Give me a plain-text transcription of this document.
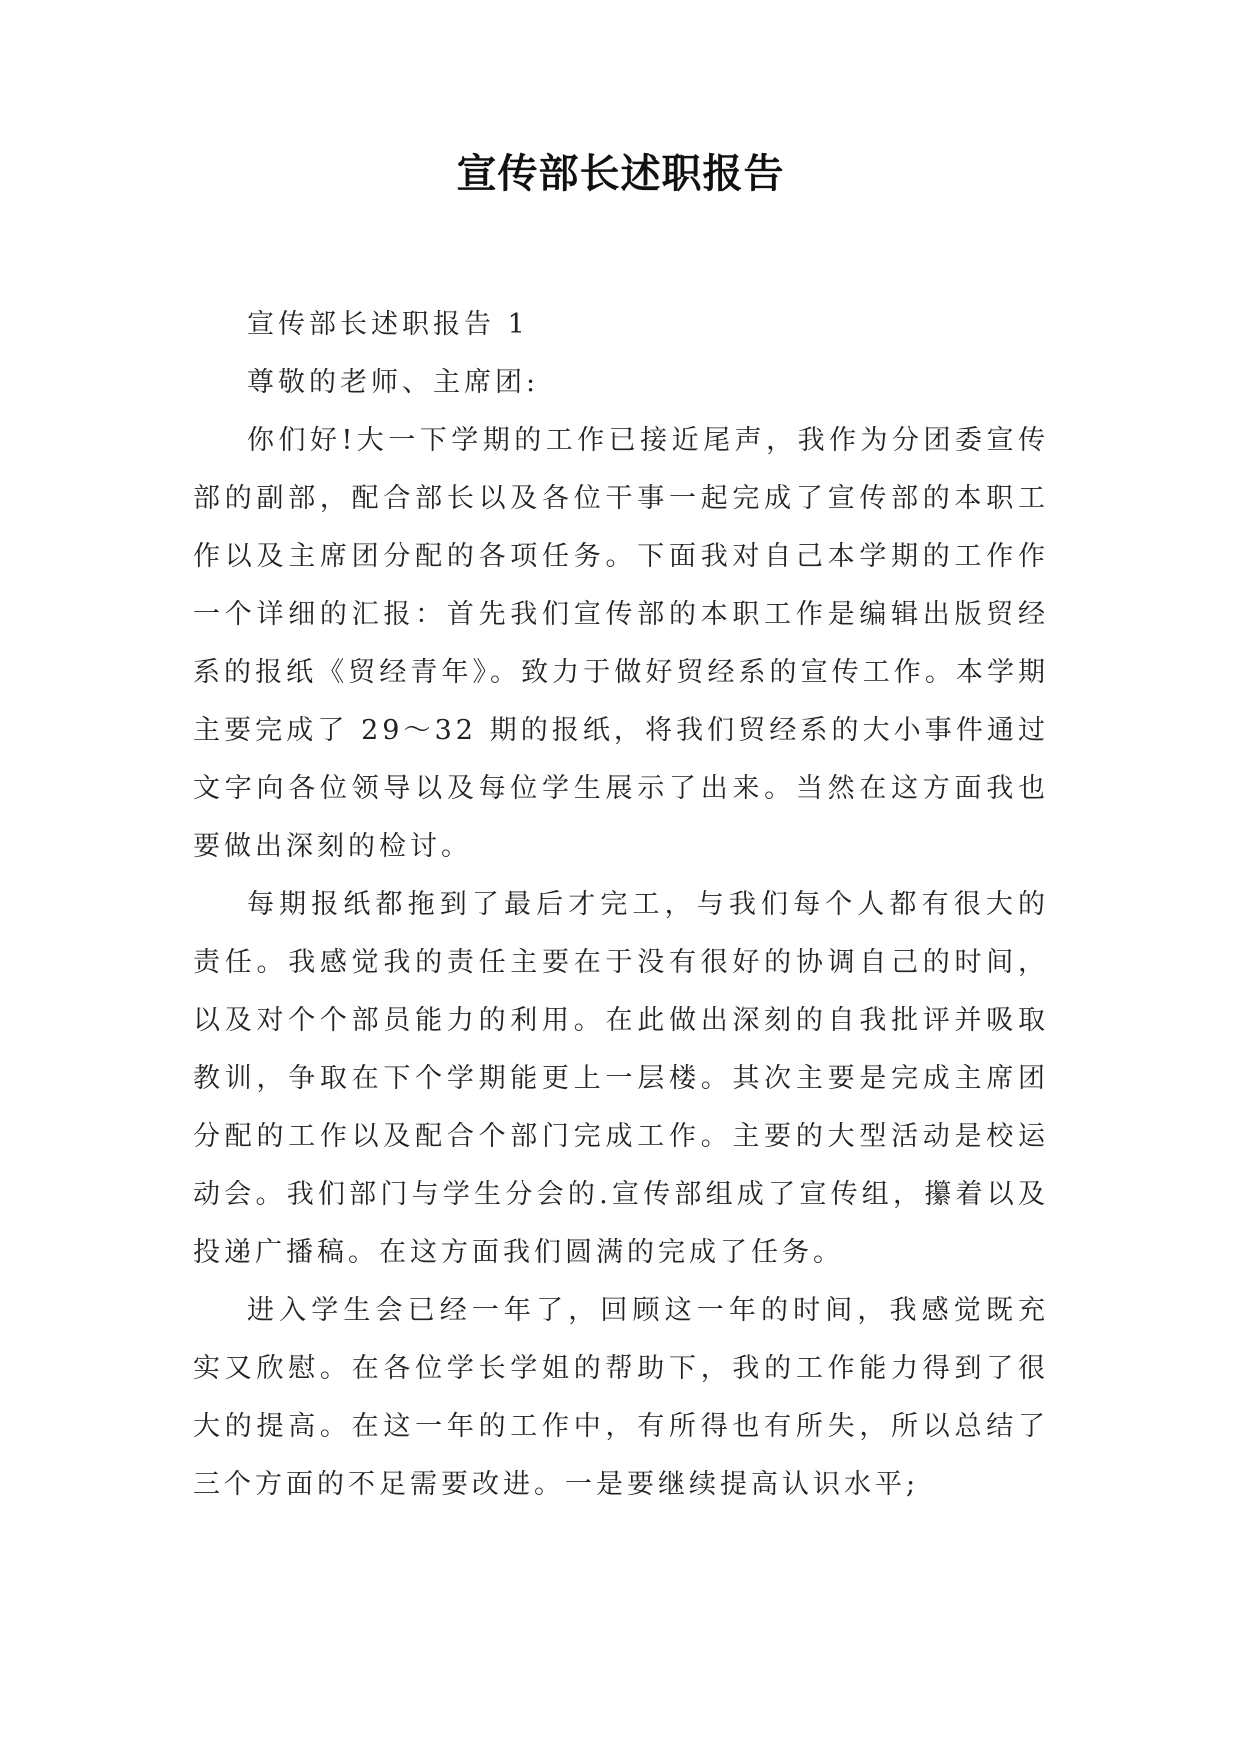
宣传部长述职报告

宣传部长述职报告 1

尊敬的老师、主席团:

你们好!大一下学期的工作已接近尾声，我作为分团委宣传部的副部，配合部长以及各位干事一起完成了宣传部的本职工作以及主席团分配的各项任务。下面我对自己本学期的工作作一个详细的汇报：首先我们宣传部的本职工作是编辑出版贸经系的报纸《贸经青年》。致力于做好贸经系的宣传工作。本学期主要完成了 29～32 期的报纸，将我们贸经系的大小事件通过文字向各位领导以及每位学生展示了出来。当然在这方面我也要做出深刻的检讨。

每期报纸都拖到了最后才完工，与我们每个人都有很大的责任。我感觉我的责任主要在于没有很好的协调自己的时间，以及对个个部员能力的利用。在此做出深刻的自我批评并吸取教训，争取在下个学期能更上一层楼。其次主要是完成主席团分配的工作以及配合个部门完成工作。主要的大型活动是校运动会。我们部门与学生分会的.宣传部组成了宣传组，攥着以及投递广播稿。在这方面我们圆满的完成了任务。

进入学生会已经一年了，回顾这一年的时间，我感觉既充实又欣慰。在各位学长学姐的帮助下，我的工作能力得到了很大的提高。在这一年的工作中，有所得也有所失，所以总结了三个方面的不足需要改进。一是要继续提高认识水平;
